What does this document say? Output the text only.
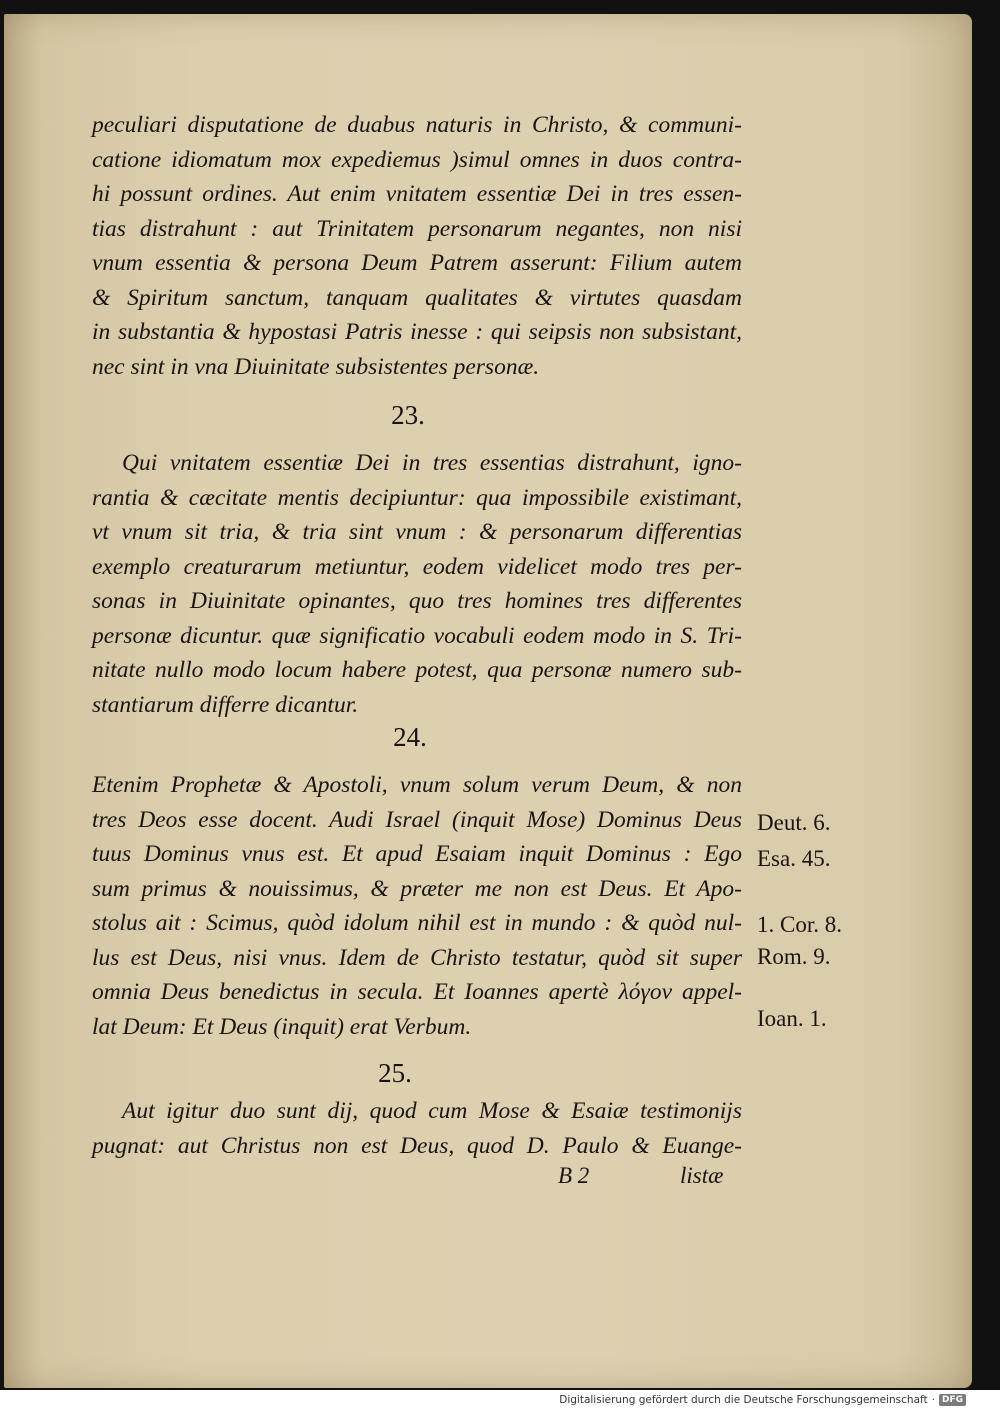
peculiari disputatione de duabus naturis in Christo, & communi-
catione idiomatum mox expediemus )simul omnes in duos contra-
hi possunt ordines. Aut enim vnitatem essentiæ Dei in tres essen-
tias distrahunt : aut Trinitatem personarum negantes, non nisi
vnum essentia & persona Deum Patrem asserunt: Filium autem
& Spiritum sanctum, tanquam qualitates & virtutes quasdam
in substantia & hypostasi Patris inesse : qui seipsis non subsistant,
nec sint in vna Diuinitate subsistentes personæ.
23.
Qui vnitatem essentiæ Dei in tres essentias distrahunt, igno-
rantia & cæcitate mentis decipiuntur: qua impossibile existimant,
vt vnum sit tria, & tria sint vnum : & personarum differentias
exemplo creaturarum metiuntur, eodem videlicet modo tres per-
sonas in Diuinitate opinantes, quo tres homines tres differentes
personæ dicuntur. quæ significatio vocabuli eodem modo in S. Tri-
nitate nullo modo locum habere potest, qua personæ numero sub-
stantiarum differre dicantur.
24.
Etenim Prophetæ & Apostoli, vnum solum verum Deum, & non
tres Deos esse docent. Audi Israel (inquit Mose) Dominus Deus
tuus Dominus vnus est. Et apud Esaiam inquit Dominus : Ego
sum primus & nouissimus, & præter me non est Deus. Et Apo-
stolus ait : Scimus, quòd idolum nihil est in mundo : & quòd nul-
lus est Deus, nisi vnus. Idem de Christo testatur, quòd sit super
omnia Deus benedictus in secula. Et Ioannes apertè λόγον appel-
lat Deum: Et Deus (inquit) erat Verbum.
Deut. 6.
Esa. 45.
1. Cor. 8.
Rom. 9.
Ioan. 1.
25.
Aut igitur duo sunt dij, quod cum Mose & Esaiæ testimonijs
pugnat: aut Christus non est Deus, quod D. Paulo & Euange-
B 2	listæ
Digitalisierung gefördert durch die Deutsche Forschungsgemeinschaft · DFG
